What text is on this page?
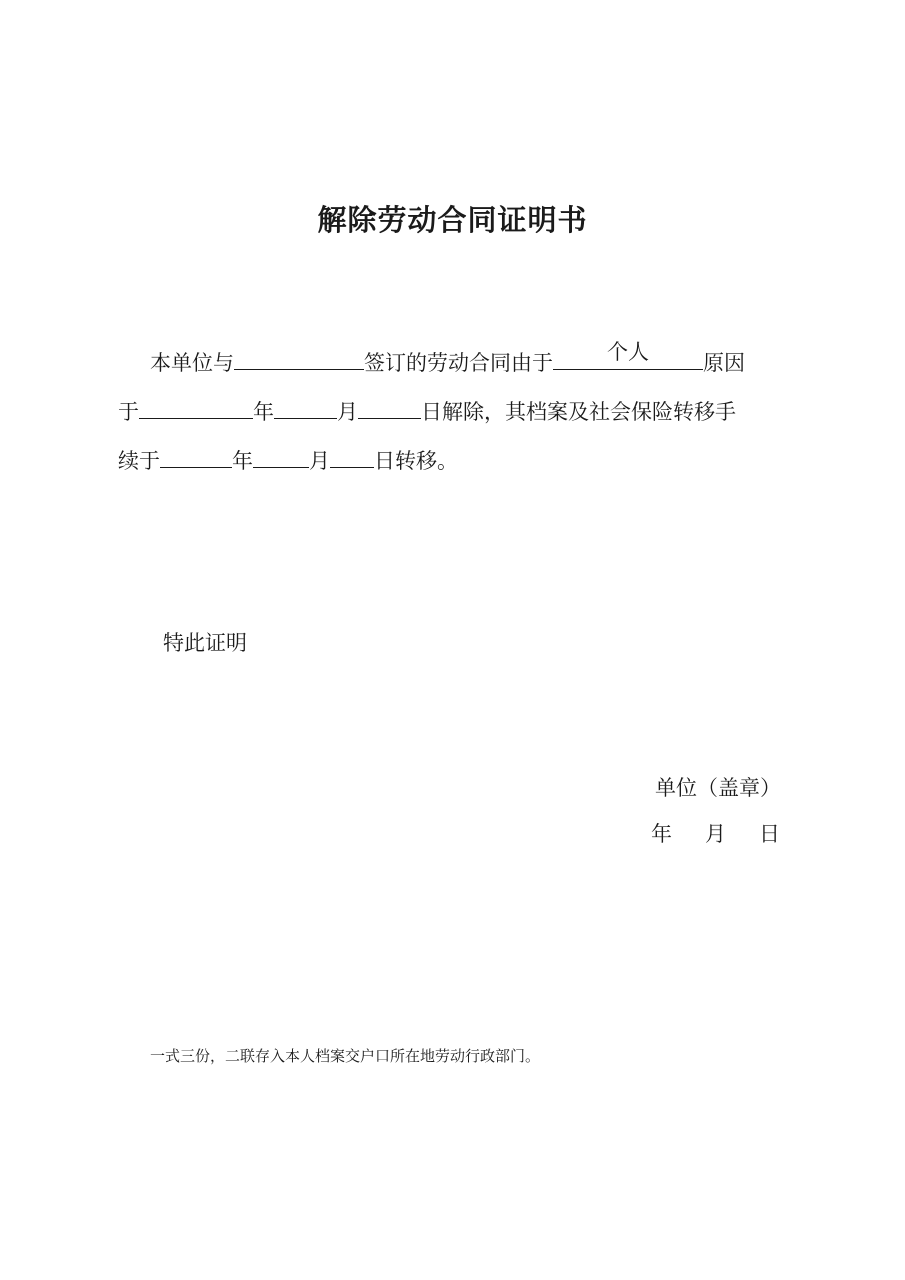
解除劳动合同证明书
本单位与	签订的劳动合同由于	个人	原因
于	年	月	日解除，其档案及社会保险转移手
续于	年	月 日转移。
特此证明
单位（盖章）
年 月 日
一式三份，二联存入本人档案交户口所在地劳动行政部门。
